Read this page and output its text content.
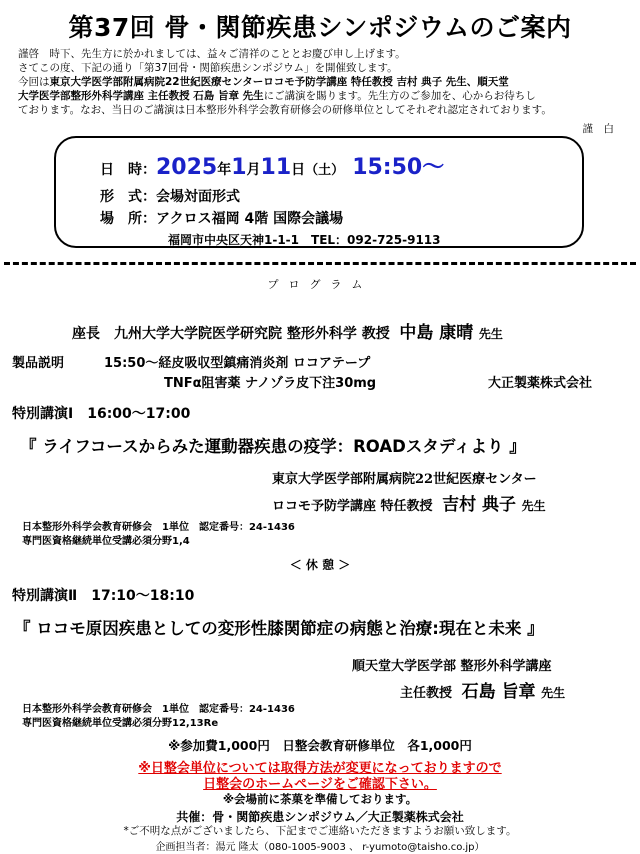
第37回 骨・関節疾患シンポジウムのご案内
謹啓　時下、先生方に於かれましては、益々ご清祥のこととお慶び申し上げます。
さてこの度、下記の通り「第37回骨・関節疾患シンポジウム」を開催致します。
今回は東京大学医学部附属病院22世紀医療センターロコモ予防学講座 特任教授 吉村 典子 先生、順天堂
大学医学部整形外科学講座 主任教授 石島 旨章 先生にご講演を賜ります。先生方のご参加を、心からお待ちし
ております。なお、当日のご講演は日本整形外科学会教育研修会の研修単位としてそれぞれ認定されております。
謹　白
日　時：2025年1月11日（土） 15:50～
形　式：会場対面形式
場　所：アクロス福岡 4階 国際会議場
福岡市中央区天神1-1-1　TEL：092-725-9113
プログラム
座長　九州大学大学院医学研究院 整形外科学 教授 中島 康晴 先生
製品説明	15:50～経皮吸収型鎮痛消炎剤 ロコアテープ
TNFα阻害薬 ナノゾラ皮下注30mg	大正製薬株式会社
特別講演Ⅰ　16:00～17:00
『 ライフコースからみた運動器疾患の疫学：ROADスタディより 』
東京大学医学部附属病院22世紀医療センター
ロコモ予防学講座 特任教授 吉村 典子 先生
日本整形外科学会教育研修会　1単位　認定番号：24-1436
専門医資格継続単位受講必須分野1,4
＜ 休 憩 ＞
特別講演Ⅱ　17:10～18:10
『 ロコモ原因疾患としての変形性膝関節症の病態と治療:現在と未来 』
順天堂大学医学部 整形外科学講座
主任教授 石島 旨章 先生
日本整形外科学会教育研修会　1単位　認定番号：24-1436
専門医資格継続単位受講必須分野12,13Re
※参加費1,000円　日整会教育研修単位　各1,000円
※日整会単位については取得方法が変更になっておりますので
日整会のホームページをご確認下さい。
※会場前に茶菓を準備しております。
共催：骨・関節疾患シンポジウム／大正製薬株式会社
*ご不明な点がございましたら、下記までご連絡いただきますようお願い致します。
企画担当者：湯元 隆太（080-1005-9003 、 r-yumoto@taisho.co.jp）
